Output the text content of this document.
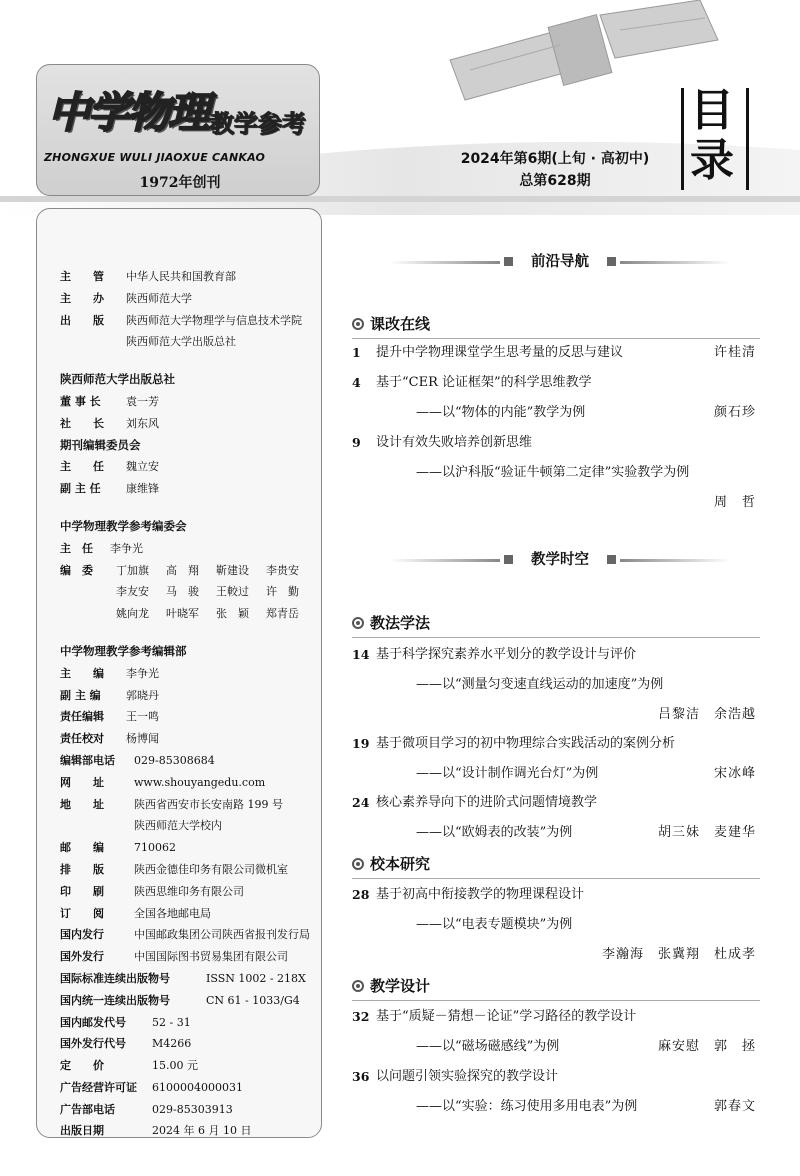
中学物理 教学参考
ZHONGXUE WULI JIAOXUE CANKAO
1972年创刊
2024年第6期(上旬 · 高初中)
总第628期
目录
主　　管 中华人民共和国教育部
主　　办 陕西师范大学
出　　版 陕西师范大学物理学与信息技术学院
陕西师范大学出版总社
陕西师范大学出版总社
董 事 长 袁一芳
社　　长 刘东风
期刊编辑委员会
主　　任 魏立安
副 主 任 康维锋
中学物理教学参考编委会
主　任 李争光
编　委 丁加旗 高　翔 靳建设 李贵安
李友安 马　骏 王較过 许　勤
姚向龙 叶晓军 张　颖 郑青岳
中学物理教学参考编辑部
主　　编 李争光
副 主 编 郭晓丹
责任编辑 王一鸣
责任校对 杨博闻
编辑部电话 029-85308684
网　　址	www.shouyangedu.com
地　　址	陕西省西安市长安南路 199 号
陕西师范大学校内
邮　　编	710062
排　　版	陕西金德佳印务有限公司微机室
印　　刷	陕西思维印务有限公司
订　　阅	全国各地邮电局
国内发行	中国邮政集团公司陕西省报刊发行局
国外发行	中国国际图书贸易集团有限公司
国际标准连续出版物号	ISSN 1002 - 218X
国内统一连续出版物号	CN 61 - 1033/G4
国内邮发代号 52 - 31
国外发行代号 M4266
定　　价	15.00 元
广告经营许可证 6100004000031
广告部电话	029-85303913
出版日期	2024 年 6 月 10 日
前沿导航
课改在线
1 提升中学物理课堂学生思考量的反思与建议	许桂清
4 基于“CER 论证框架”的科学思维教学
——以“物体的内能”教学为例	颜石珍
9 设计有效失败培养创新思维
——以沪科版“验证牛顿第二定律”实验教学为例
周　哲
教学时空
教法学法
14 基于科学探究素养水平划分的教学设计与评价
——以“测量匀变速直线运动的加速度”为例
吕黎洁　余浩越
19 基于微项目学习的初中物理综合实践活动的案例分析
——以“设计制作调光台灯”为例	宋冰峰
24 核心素养导向下的进阶式问题情境教学
——以“欧姆表的改装”为例	胡三妹　麦建华
校本研究
28 基于初高中衔接教学的物理课程设计
——以“电表专题模块”为例
李瀚海　张冀翔　杜成孝
教学设计
32 基于“质疑－猜想－论证”学习路径的教学设计
——以“磁场磁感线”为例	麻安慰　郭　拯
36 以问题引领实验探究的教学设计
——以“实验：练习使用多用电表”为例	郭春文
